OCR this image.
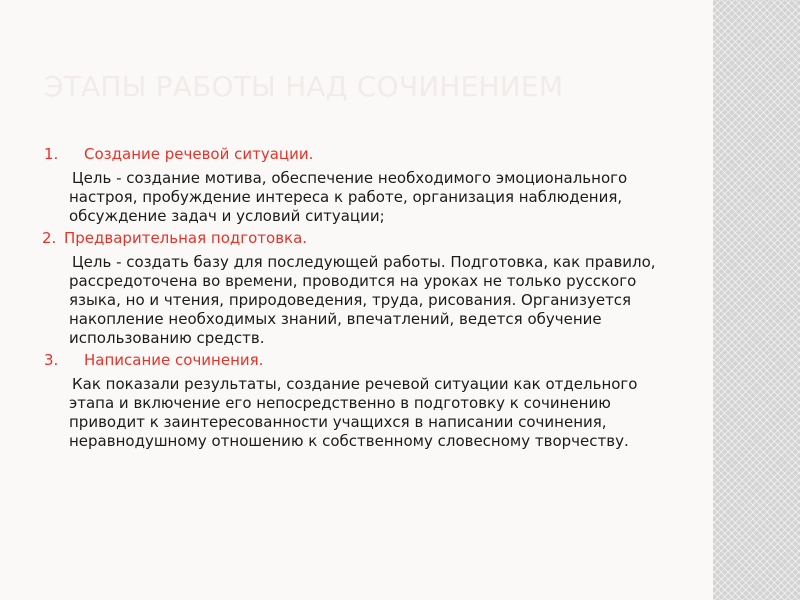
ЭТАПЫ РАБОТЫ НАД СОЧИНЕНИЕМ
1.	Создание речевой ситуации.
Цель - создание мотива, обеспечение необходимого эмоционального настроя, пробуждение интереса к работе, организация наблюдения, обсуждение задач и условий ситуации;
2. Предварительная подготовка.
Цель - создать базу для последующей работы. Подготовка, как правило, рассредоточена во времени, проводится на уроках не только русского языка, но и чтения, природоведения, труда, рисования. Организуется накопление необходимых знаний, впечатлений, ведется обучение использованию средств.
3.	Написание сочинения.
Как показали результаты, создание речевой ситуации как отдельного этапа и включение его непосредственно в подготовку к сочинению приводит к заинтересованности учащихся в написании сочинения, неравнодушному отношению к собственному словесному творчеству.
